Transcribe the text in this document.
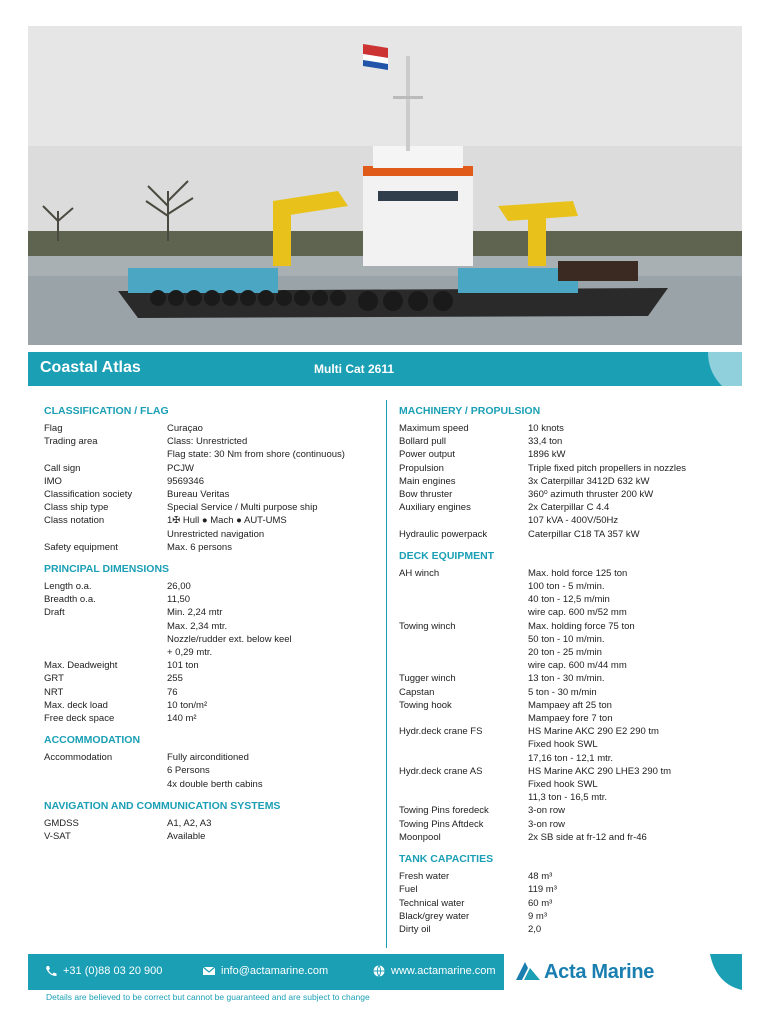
Coastal Atlas	Multi Cat 2611
CLASSIFICATION / FLAG
Flag	Curaçao
Trading area	Class: Unrestricted
Flag state: 30 Nm from shore (continuous)
Call sign	PCJW
IMO	9569346
Classification society	Bureau Veritas
Class ship type	Special Service / Multi purpose ship
Class notation	1✠ Hull ● Mach ● AUT-UMS
Unrestricted navigation
Safety equipment	Max. 6 persons
PRINCIPAL DIMENSIONS
Length o.a.	26,00
Breadth o.a.	11,50
Draft	Min. 2,24 mtr
Max. 2,34 mtr.
Nozzle/rudder ext. below keel
+ 0,29 mtr.
Max. Deadweight	101 ton
GRT	255
NRT	76
Max. deck load	10 ton/m²
Free deck space	140 m²
ACCOMMODATION
Accommodation	Fully airconditioned
6 Persons
4x double berth cabins
NAVIGATION AND COMMUNICATION SYSTEMS
GMDSS	A1, A2, A3
V-SAT	Available
MACHINERY / PROPULSION
Maximum speed	10 knots
Bollard pull	33,4 ton
Power output	1896 kW
Propulsion	Triple fixed pitch propellers in nozzles
Main engines	3x Caterpillar 3412D 632 kW
Bow thruster	360⁰ azimuth thruster 200 kW
Auxiliary engines	2x Caterpillar C 4.4
107 kVA - 400V/50Hz
Hydraulic powerpack	Caterpillar C18 TA 357 kW
DECK EQUIPMENT
AH winch	Max. hold force 125 ton
100 ton - 5 m/min.
40 ton - 12,5 m/min
wire cap. 600 m/52 mm
Towing winch	Max. holding force 75 ton
50 ton - 10 m/min.
20 ton - 25 m/min
wire cap. 600 m/44 mm
Tugger winch	13 ton - 30 m/min.
Capstan	5 ton - 30 m/min
Towing hook	Mampaey aft 25 ton
Mampaey fore 7 ton
Hydr.deck crane FS	HS Marine AKC 290 E2 290 tm
Fixed hook SWL
17,16 ton - 12,1 mtr.
Hydr.deck crane AS	HS Marine AKC 290 LHE3 290 tm
Fixed hook SWL
11,3 ton - 16,5 mtr.
Towing Pins foredeck	3-on row
Towing Pins Aftdeck	3-on row
Moonpool	2x SB side at fr-12 and fr-46
TANK CAPACITIES
Fresh water	48 m³
Fuel	119 m³
Technical water	60 m³
Black/grey water	9 m³
Dirty oil	2,0
+31 (0)88 03 20 900	info@actamarine.com	www.actamarine.com Acta Marine
Details are believed to be correct but cannot be guaranteed and are subject to change
